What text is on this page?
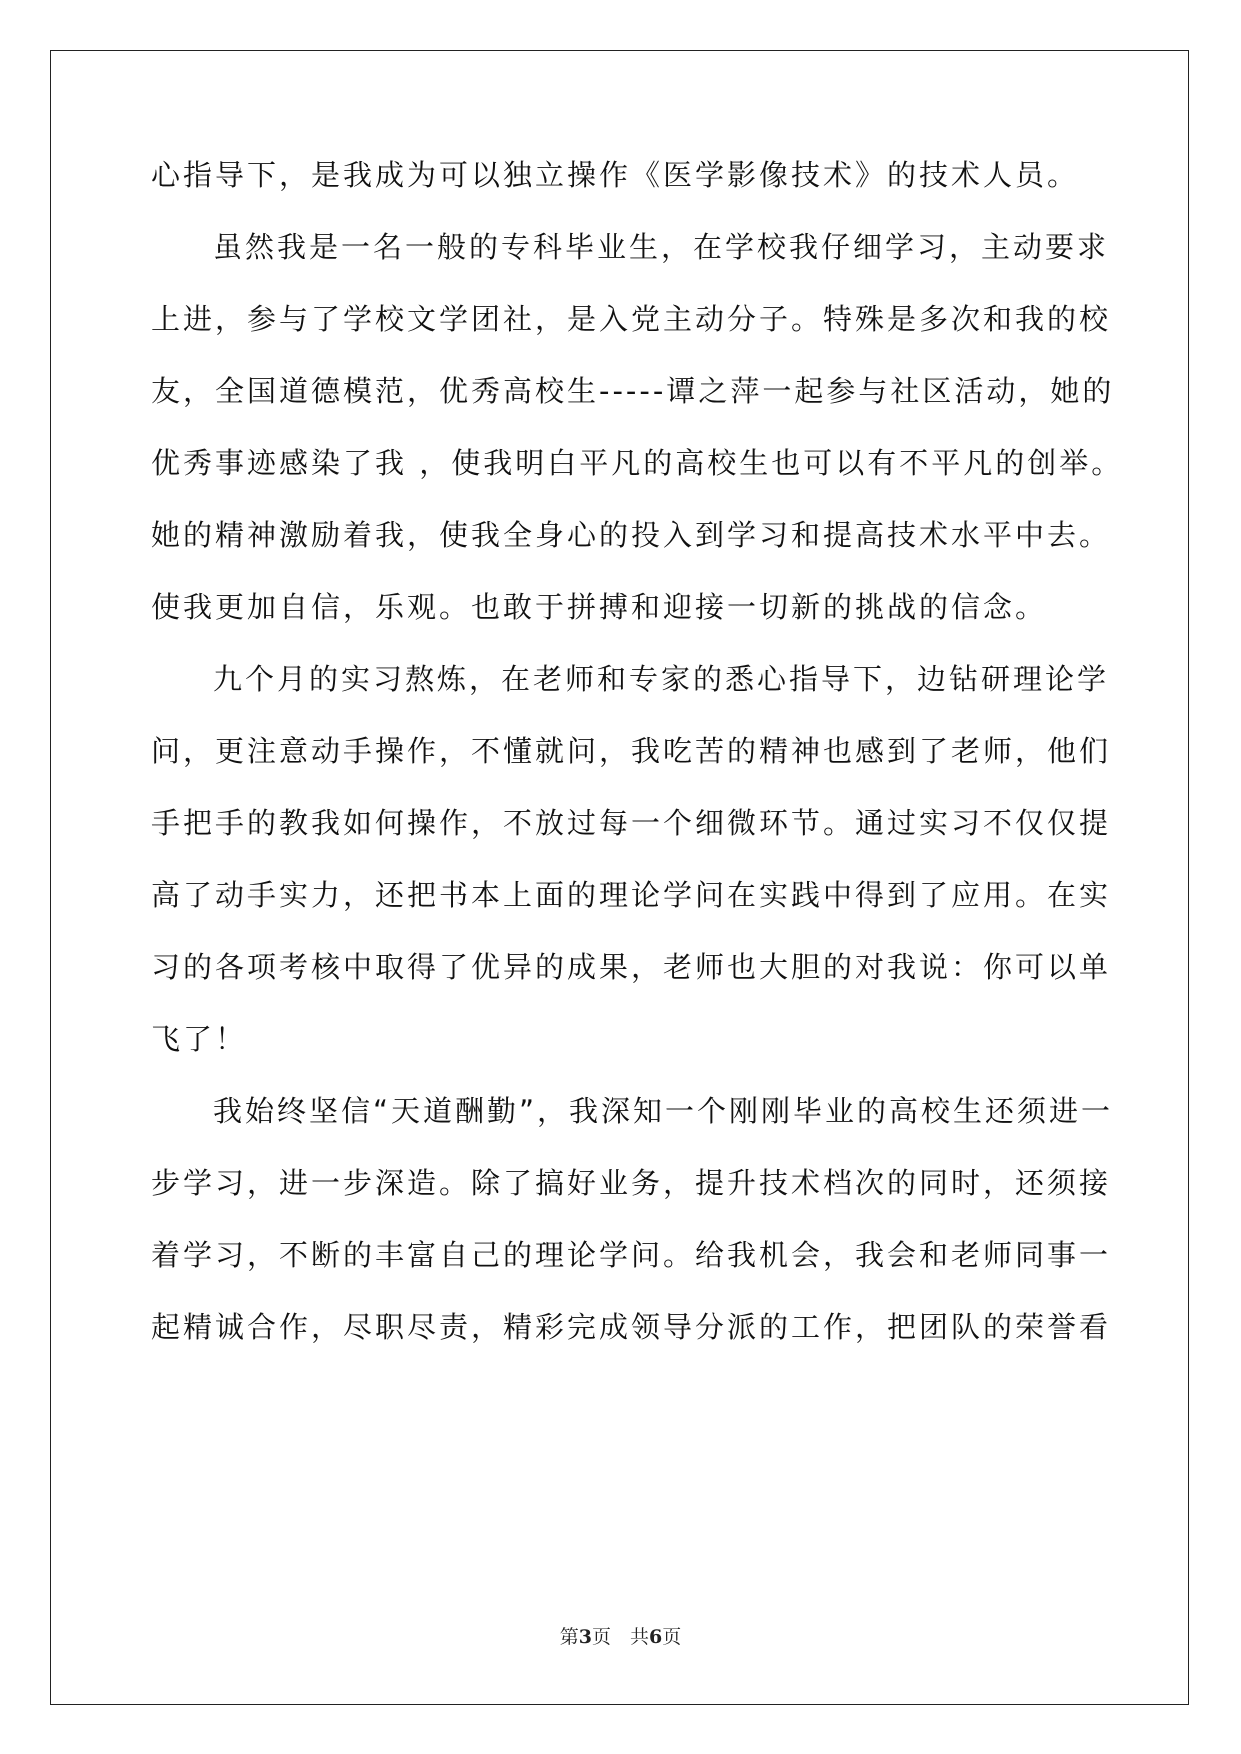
心指导下，是我成为可以独立操作《医学影像技术》的技术人员。

虽然我是一名一般的专科毕业生，在学校我仔细学习，主动要求

上进，参与了学校文学团社，是入党主动分子。特殊是多次和我的校

友，全国道德模范，优秀高校生-----谭之萍一起参与社区活动，她的

优秀事迹感染了我 ，使我明白平凡的高校生也可以有不平凡的创举。

她的精神激励着我，使我全身心的投入到学习和提高技术水平中去。

使我更加自信，乐观。也敢于拼搏和迎接一切新的挑战的信念。

九个月的实习熬炼，在老师和专家的悉心指导下，边钻研理论学

问，更注意动手操作，不懂就问，我吃苦的精神也感到了老师，他们

手把手的教我如何操作，不放过每一个细微环节。通过实习不仅仅提

高了动手实力，还把书本上面的理论学问在实践中得到了应用。在实

习的各项考核中取得了优异的成果，老师也大胆的对我说：你可以单

飞了！

我始终坚信“天道酬勤”，我深知一个刚刚毕业的高校生还须进一

步学习，进一步深造。除了搞好业务，提升技术档次的同时，还须接

着学习，不断的丰富自己的理论学问。给我机会，我会和老师同事一

起精诚合作，尽职尽责，精彩完成领导分派的工作，把团队的荣誉看

第3页　共6页
